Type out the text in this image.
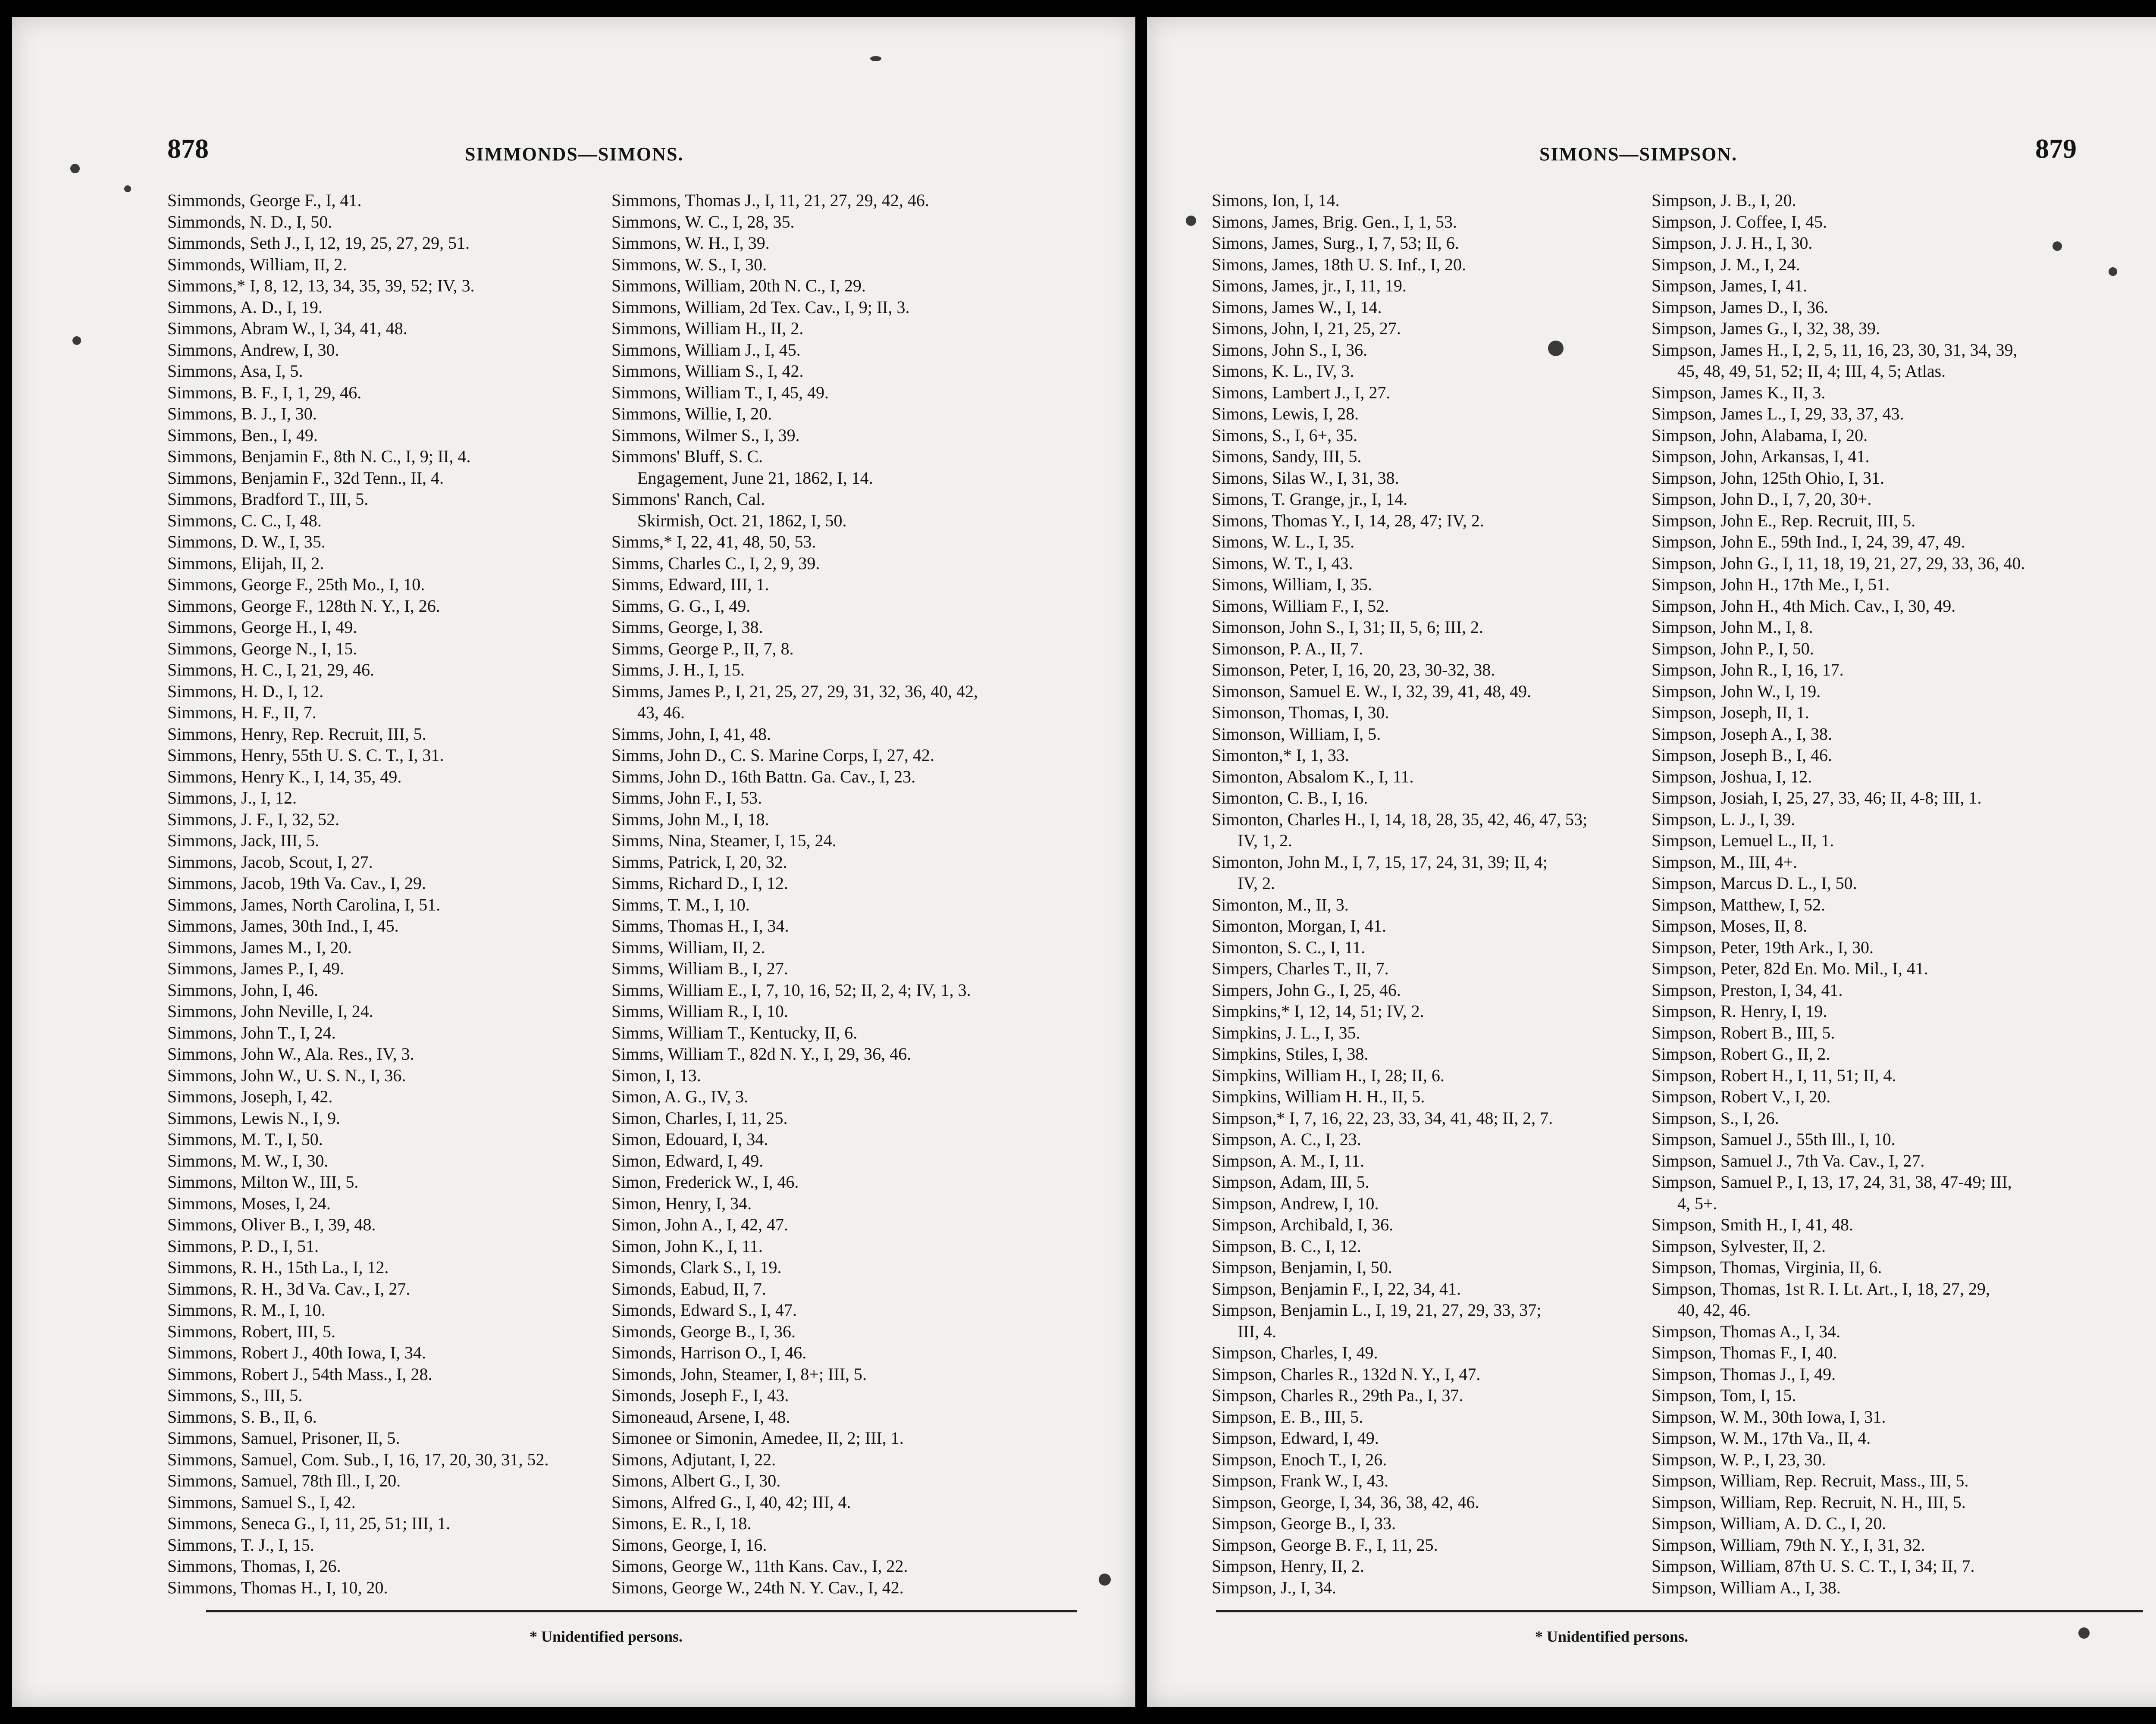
878	SIMMONDS—SIMONS.
Simmonds, George F., I, 41.
Simmonds, N. D., I, 50.
Simmonds, Seth J., I, 12, 19, 25, 27, 29, 51.
Simmonds, William, II, 2.
Simmons,* I, 8, 12, 13, 34, 35, 39, 52; IV, 3.
Simmons, A. D., I, 19.
Simmons, Abram W., I, 34, 41, 48.
Simmons, Andrew, I, 30.
Simmons, Asa, I, 5.
Simmons, B. F., I, 1, 29, 46.
Simmons, B. J., I, 30.
Simmons, Ben., I, 49.
Simmons, Benjamin F., 8th N. C., I, 9; II, 4.
Simmons, Benjamin F., 32d Tenn., II, 4.
Simmons, Bradford T., III, 5.
Simmons, C. C., I, 48.
Simmons, D. W., I, 35.
Simmons, Elijah, II, 2.
Simmons, George F., 25th Mo., I, 10.
Simmons, George F., 128th N. Y., I, 26.
Simmons, George H., I, 49.
Simmons, George N., I, 15.
Simmons, H. C., I, 21, 29, 46.
Simmons, H. D., I, 12.
Simmons, H. F., II, 7.
Simmons, Henry, Rep. Recruit, III, 5.
Simmons, Henry, 55th U. S. C. T., I, 31.
Simmons, Henry K., I, 14, 35, 49.
Simmons, J., I, 12.
Simmons, J. F., I, 32, 52.
Simmons, Jack, III, 5.
Simmons, Jacob, Scout, I, 27.
Simmons, Jacob, 19th Va. Cav., I, 29.
Simmons, James, North Carolina, I, 51.
Simmons, James, 30th Ind., I, 45.
Simmons, James M., I, 20.
Simmons, James P., I, 49.
Simmons, John, I, 46.
Simmons, John Neville, I, 24.
Simmons, John T., I, 24.
Simmons, John W., Ala. Res., IV, 3.
Simmons, John W., U. S. N., I, 36.
Simmons, Joseph, I, 42.
Simmons, Lewis N., I, 9.
Simmons, M. T., I, 50.
Simmons, M. W., I, 30.
Simmons, Milton W., III, 5.
Simmons, Moses, I, 24.
Simmons, Oliver B., I, 39, 48.
Simmons, P. D., I, 51.
Simmons, R. H., 15th La., I, 12.
Simmons, R. H., 3d Va. Cav., I, 27.
Simmons, R. M., I, 10.
Simmons, Robert, III, 5.
Simmons, Robert J., 40th Iowa, I, 34.
Simmons, Robert J., 54th Mass., I, 28.
Simmons, S., III, 5.
Simmons, S. B., II, 6.
Simmons, Samuel, Prisoner, II, 5.
Simmons, Samuel, Com. Sub., I, 16, 17, 20, 30, 31, 52.
Simmons, Samuel, 78th Ill., I, 20.
Simmons, Samuel S., I, 42.
Simmons, Seneca G., I, 11, 25, 51; III, 1.
Simmons, T. J., I, 15.
Simmons, Thomas, I, 26.
Simmons, Thomas H., I, 10, 20.
Simmons, Thomas J., I, 11, 21, 27, 29, 42, 46.
Simmons, W. C., I, 28, 35.
Simmons, W. H., I, 39.
Simmons, W. S., I, 30.
Simmons, William, 20th N. C., I, 29.
Simmons, William, 2d Tex. Cav., I, 9; II, 3.
Simmons, William H., II, 2.
Simmons, William J., I, 45.
Simmons, William S., I, 42.
Simmons, William T., I, 45, 49.
Simmons, Willie, I, 20.
Simmons, Wilmer S., I, 39.
Simmons' Bluff, S. C.
Engagement, June 21, 1862, I, 14.
Simmons' Ranch, Cal.
Skirmish, Oct. 21, 1862, I, 50.
Simms,* I, 22, 41, 48, 50, 53.
Simms, Charles C., I, 2, 9, 39.
Simms, Edward, III, 1.
Simms, G. G., I, 49.
Simms, George, I, 38.
Simms, George P., II, 7, 8.
Simms, J. H., I, 15.
Simms, James P., I, 21, 25, 27, 29, 31, 32, 36, 40, 42,
43, 46.
Simms, John, I, 41, 48.
Simms, John D., C. S. Marine Corps, I, 27, 42.
Simms, John D., 16th Battn. Ga. Cav., I, 23.
Simms, John F., I, 53.
Simms, John M., I, 18.
Simms, Nina, Steamer, I, 15, 24.
Simms, Patrick, I, 20, 32.
Simms, Richard D., I, 12.
Simms, T. M., I, 10.
Simms, Thomas H., I, 34.
Simms, William, II, 2.
Simms, William B., I, 27.
Simms, William E., I, 7, 10, 16, 52; II, 2, 4; IV, 1, 3.
Simms, William R., I, 10.
Simms, William T., Kentucky, II, 6.
Simms, William T., 82d N. Y., I, 29, 36, 46.
Simon, I, 13.
Simon, A. G., IV, 3.
Simon, Charles, I, 11, 25.
Simon, Edouard, I, 34.
Simon, Edward, I, 49.
Simon, Frederick W., I, 46.
Simon, Henry, I, 34.
Simon, John A., I, 42, 47.
Simon, John K., I, 11.
Simonds, Clark S., I, 19.
Simonds, Eabud, II, 7.
Simonds, Edward S., I, 47.
Simonds, George B., I, 36.
Simonds, Harrison O., I, 46.
Simonds, John, Steamer, I, 8+; III, 5.
Simonds, Joseph F., I, 43.
Simoneaud, Arsene, I, 48.
Simonee or Simonin, Amedee, II, 2; III, 1.
Simons, Adjutant, I, 22.
Simons, Albert G., I, 30.
Simons, Alfred G., I, 40, 42; III, 4.
Simons, E. R., I, 18.
Simons, George, I, 16.
Simons, George W., 11th Kans. Cav., I, 22.
Simons, George W., 24th N. Y. Cav., I, 42.
* Unidentified persons.
SIMONS—SIMPSON.	879
Simons, Ion, I, 14.
Simons, James, Brig. Gen., I, 1, 53.
Simons, James, Surg., I, 7, 53; II, 6.
Simons, James, 18th U. S. Inf., I, 20.
Simons, James, jr., I, 11, 19.
Simons, James W., I, 14.
Simons, John, I, 21, 25, 27.
Simons, John S., I, 36.
Simons, K. L., IV, 3.
Simons, Lambert J., I, 27.
Simons, Lewis, I, 28.
Simons, S., I, 6+, 35.
Simons, Sandy, III, 5.
Simons, Silas W., I, 31, 38.
Simons, T. Grange, jr., I, 14.
Simons, Thomas Y., I, 14, 28, 47; IV, 2.
Simons, W. L., I, 35.
Simons, W. T., I, 43.
Simons, William, I, 35.
Simons, William F., I, 52.
Simonson, John S., I, 31; II, 5, 6; III, 2.
Simonson, P. A., II, 7.
Simonson, Peter, I, 16, 20, 23, 30-32, 38.
Simonson, Samuel E. W., I, 32, 39, 41, 48, 49.
Simonson, Thomas, I, 30.
Simonson, William, I, 5.
Simonton,* I, 1, 33.
Simonton, Absalom K., I, 11.
Simonton, C. B., I, 16.
Simonton, Charles H., I, 14, 18, 28, 35, 42, 46, 47, 53;
IV, 1, 2.
Simonton, John M., I, 7, 15, 17, 24, 31, 39; II, 4;
IV, 2.
Simonton, M., II, 3.
Simonton, Morgan, I, 41.
Simonton, S. C., I, 11.
Simpers, Charles T., II, 7.
Simpers, John G., I, 25, 46.
Simpkins,* I, 12, 14, 51; IV, 2.
Simpkins, J. L., I, 35.
Simpkins, Stiles, I, 38.
Simpkins, William H., I, 28; II, 6.
Simpkins, William H. H., II, 5.
Simpson,* I, 7, 16, 22, 23, 33, 34, 41, 48; II, 2, 7.
Simpson, A. C., I, 23.
Simpson, A. M., I, 11.
Simpson, Adam, III, 5.
Simpson, Andrew, I, 10.
Simpson, Archibald, I, 36.
Simpson, B. C., I, 12.
Simpson, Benjamin, I, 50.
Simpson, Benjamin F., I, 22, 34, 41.
Simpson, Benjamin L., I, 19, 21, 27, 29, 33, 37;
III, 4.
Simpson, Charles, I, 49.
Simpson, Charles R., 132d N. Y., I, 47.
Simpson, Charles R., 29th Pa., I, 37.
Simpson, E. B., III, 5.
Simpson, Edward, I, 49.
Simpson, Enoch T., I, 26.
Simpson, Frank W., I, 43.
Simpson, George, I, 34, 36, 38, 42, 46.
Simpson, George B., I, 33.
Simpson, George B. F., I, 11, 25.
Simpson, Henry, II, 2.
Simpson, J., I, 34.
Simpson, J. B., I, 20.
Simpson, J. Coffee, I, 45.
Simpson, J. J. H., I, 30.
Simpson, J. M., I, 24.
Simpson, James, I, 41.
Simpson, James D., I, 36.
Simpson, James G., I, 32, 38, 39.
Simpson, James H., I, 2, 5, 11, 16, 23, 30, 31, 34, 39,
45, 48, 49, 51, 52; II, 4; III, 4, 5; Atlas.
Simpson, James K., II, 3.
Simpson, James L., I, 29, 33, 37, 43.
Simpson, John, Alabama, I, 20.
Simpson, John, Arkansas, I, 41.
Simpson, John, 125th Ohio, I, 31.
Simpson, John D., I, 7, 20, 30+.
Simpson, John E., Rep. Recruit, III, 5.
Simpson, John E., 59th Ind., I, 24, 39, 47, 49.
Simpson, John G., I, 11, 18, 19, 21, 27, 29, 33, 36, 40.
Simpson, John H., 17th Me., I, 51.
Simpson, John H., 4th Mich. Cav., I, 30, 49.
Simpson, John M., I, 8.
Simpson, John P., I, 50.
Simpson, John R., I, 16, 17.
Simpson, John W., I, 19.
Simpson, Joseph, II, 1.
Simpson, Joseph A., I, 38.
Simpson, Joseph B., I, 46.
Simpson, Joshua, I, 12.
Simpson, Josiah, I, 25, 27, 33, 46; II, 4-8; III, 1.
Simpson, L. J., I, 39.
Simpson, Lemuel L., II, 1.
Simpson, M., III, 4+.
Simpson, Marcus D. L., I, 50.
Simpson, Matthew, I, 52.
Simpson, Moses, II, 8.
Simpson, Peter, 19th Ark., I, 30.
Simpson, Peter, 82d En. Mo. Mil., I, 41.
Simpson, Preston, I, 34, 41.
Simpson, R. Henry, I, 19.
Simpson, Robert B., III, 5.
Simpson, Robert G., II, 2.
Simpson, Robert H., I, 11, 51; II, 4.
Simpson, Robert V., I, 20.
Simpson, S., I, 26.
Simpson, Samuel J., 55th Ill., I, 10.
Simpson, Samuel J., 7th Va. Cav., I, 27.
Simpson, Samuel P., I, 13, 17, 24, 31, 38, 47-49; III,
4, 5+.
Simpson, Smith H., I, 41, 48.
Simpson, Sylvester, II, 2.
Simpson, Thomas, Virginia, II, 6.
Simpson, Thomas, 1st R. I. Lt. Art., I, 18, 27, 29,
40, 42, 46.
Simpson, Thomas A., I, 34.
Simpson, Thomas F., I, 40.
Simpson, Thomas J., I, 49.
Simpson, Tom, I, 15.
Simpson, W. M., 30th Iowa, I, 31.
Simpson, W. M., 17th Va., II, 4.
Simpson, W. P., I, 23, 30.
Simpson, William, Rep. Recruit, Mass., III, 5.
Simpson, William, Rep. Recruit, N. H., III, 5.
Simpson, William, A. D. C., I, 20.
Simpson, William, 79th N. Y., I, 31, 32.
Simpson, William, 87th U. S. C. T., I, 34; II, 7.
Simpson, William A., I, 38.
* Unidentified persons.
